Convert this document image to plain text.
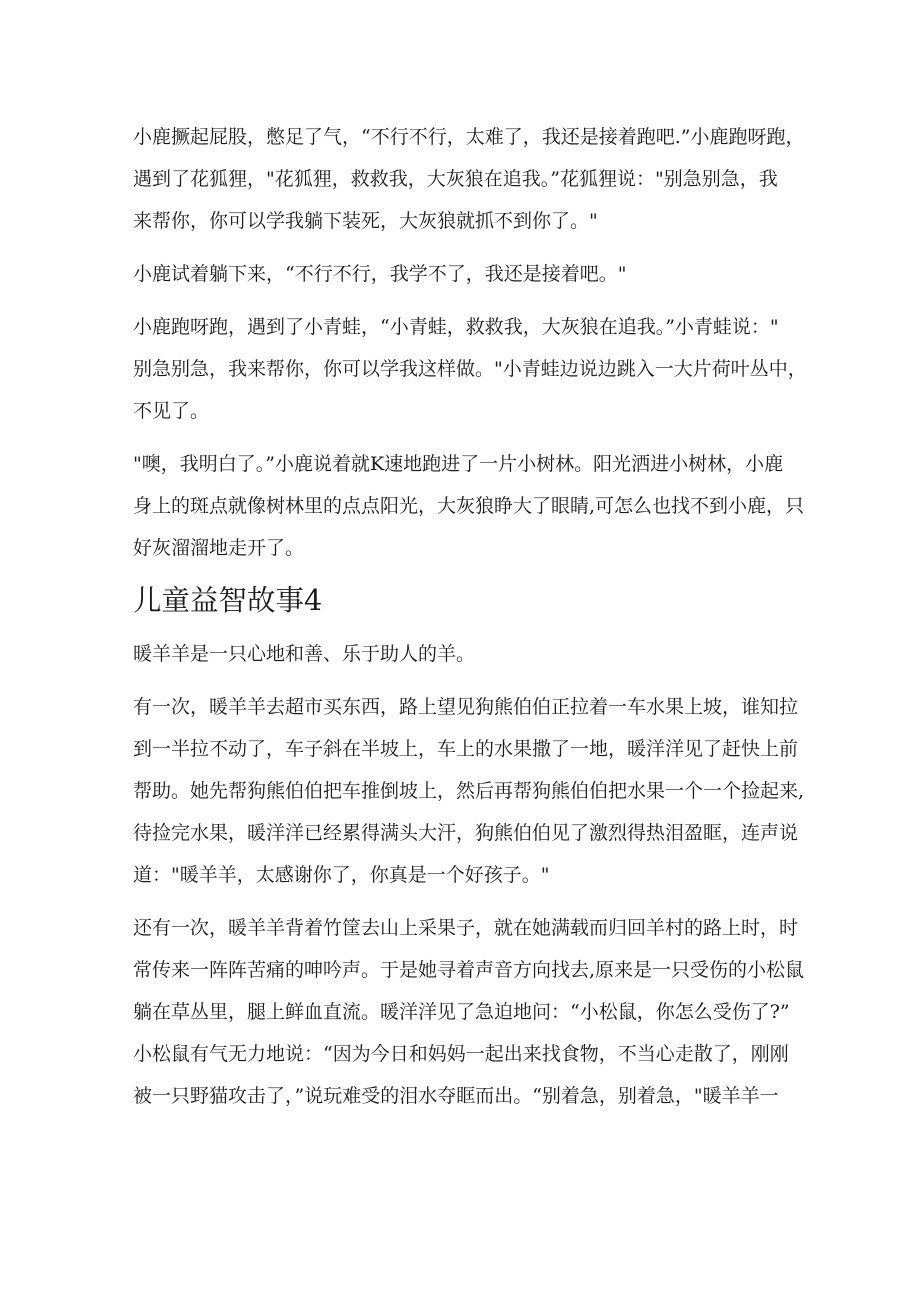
小鹿撅起屁股，憋足了气，“不行不行，太难了，我还是接着跑吧.”小鹿跑呀跑，
遇到了花狐狸，"花狐狸，救救我，大灰狼在追我。”花狐狸说："别急别急，我
来帮你，你可以学我躺下装死，大灰狼就抓不到你了。"

小鹿试着躺下来，“不行不行，我学不了，我还是接着吧。"

小鹿跑呀跑，遇到了小青蛙，“小青蛙，救救我，大灰狼在追我。”小青蛙说："
别急别急，我来帮你，你可以学我这样做。"小青蛙边说边跳入一大片荷叶丛中，
不见了。

"噢，我明白了。”小鹿说着就K速地跑进了一片小树林。阳光洒进小树林，小鹿
身上的斑点就像树林里的点点阳光，大灰狼睁大了眼睛,可怎么也找不到小鹿，只
好灰溜溜地走开了。

儿童益智故事4

暖羊羊是一只心地和善、乐于助人的羊。

有一次，暖羊羊去超市买东西，路上望见狗熊伯伯正拉着一车水果上坡，谁知拉
到一半拉不动了，车子斜在半坡上，车上的水果撒了一地，暖洋洋见了赶快上前
帮助。她先帮狗熊伯伯把车推倒坡上，然后再帮狗熊伯伯把水果一个一个捡起来,
待捡完水果，暖洋洋已经累得满头大汗，狗熊伯伯见了激烈得热泪盈眶，连声说
道："暖羊羊，太感谢你了，你真是一个好孩子。"

还有一次，暖羊羊背着竹筐去山上采果子，就在她满载而归回羊村的路上时，时
常传来一阵阵苦痛的呻吟声。于是她寻着声音方向找去,原来是一只受伤的小松鼠
躺在草丛里，腿上鲜血直流。暖洋洋见了急迫地问：“小松鼠，你怎么受伤了?”
小松鼠有气无力地说：“因为今日和妈妈一起出来找食物，不当心走散了，刚刚
被一只野猫攻击了，”说玩难受的泪水夺眶而出。“别着急，别着急，"暖羊羊一
